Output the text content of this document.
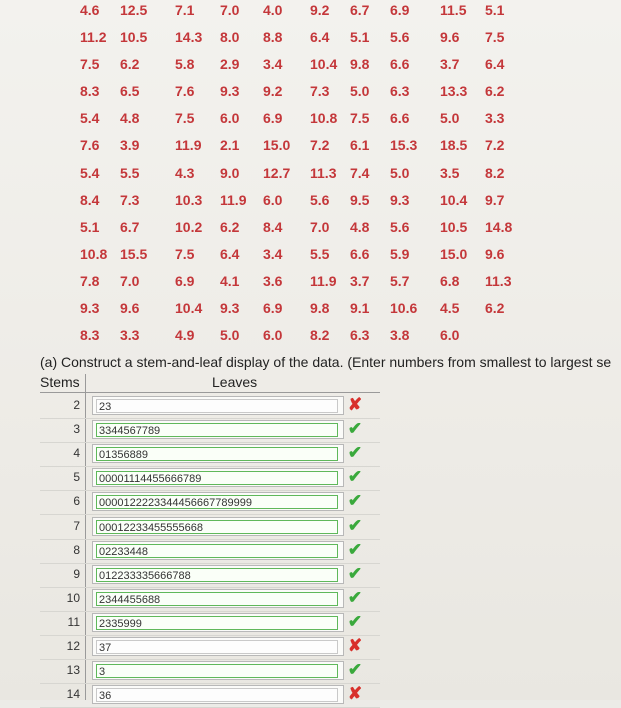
4.6 12.5 7.1 7.0 4.0 9.2 6.7 6.9 11.5 5.1
11.2 10.5 14.3 8.0 8.8 6.4 5.1 5.6 9.6 7.5
7.5 6.2	5.8 2.9 3.4 10.4 9.8 6.6 3.7 6.4
8.3 6.5	7.6 9.3 9.2 7.3 5.0 6.3 13.3 6.2
5.4 4.8	7.5 6.0 6.9 10.8 7.5 6.6 5.0 3.3
7.6 3.9	11.9 2.1 15.0 7.2 6.1 15.3 18.5 7.2
5.4 5.5	4.3 9.0 12.7 11.3 7.4 5.0 3.5 8.2
8.4 7.3	10.3 11.9 6.0 5.6 9.5 9.3 10.4 9.7
5.1 6.7	10.2 6.2 8.4 7.0 4.8 5.6 10.5 14.8
10.8 15.5 7.5 6.4 3.4 5.5 6.6 5.9 15.0 9.6
7.8 7.0	6.9 4.1 3.6 11.9 3.7 5.7 6.8 11.3
9.3 9.6	10.4 9.3 6.9 9.8 9.1 10.6 4.5 6.2
8.3 3.3	4.9 5.0 6.0 8.2 6.3 3.8 6.0
(a) Construct a stem-and-leaf display of the data. (Enter numbers from smallest to largest se
Stems	Leaves
2 23	✘
3 3344567789	✔
4 01356889	✔
5 00001114455666789	✔
6 0000122223344456667789999	✔
7 00012233455555668	✔
8 02233448	✔
9 012233335666788	✔
10 2344455688	✔
11 2335999	✔
12 37	✘
13 3	✔
14 36	✘
